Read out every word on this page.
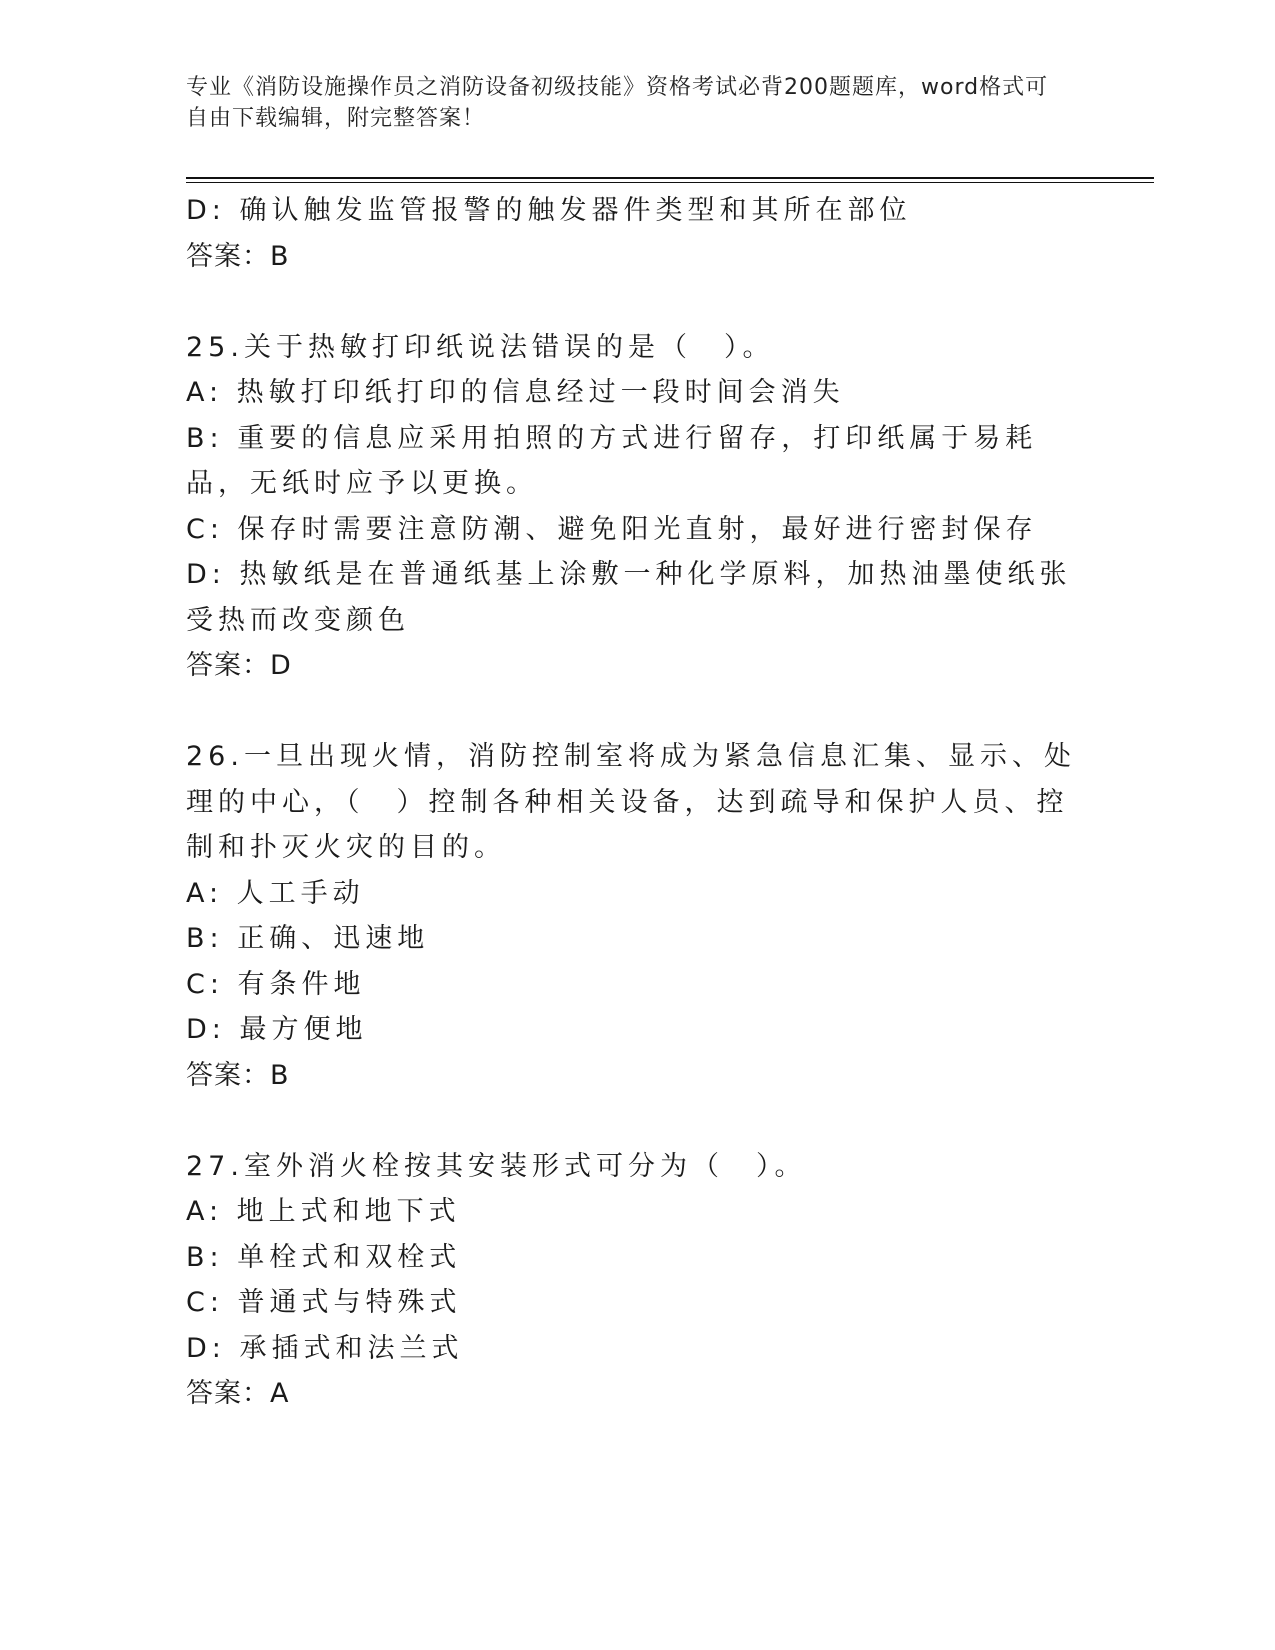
专业《消防设施操作员之消防设备初级技能》资格考试必背200题题库，word格式可自由下载编辑，附完整答案！
D: 确认触发监管报警的触发器件类型和其所在部位
答案：B
25.关于热敏打印纸说法错误的是（　）。
A: 热敏打印纸打印的信息经过一段时间会消失
B: 重要的信息应采用拍照的方式进行留存，打印纸属于易耗品，无纸时应予以更换。
C: 保存时需要注意防潮、避免阳光直射，最好进行密封保存
D: 热敏纸是在普通纸基上涂敷一种化学原料，加热油墨使纸张受热而改变颜色
答案：D
26.一旦出现火情，消防控制室将成为紧急信息汇集、显示、处理的中心，（　）控制各种相关设备，达到疏导和保护人员、控制和扑灭火灾的目的。
A: 人工手动
B: 正确、迅速地
C: 有条件地
D: 最方便地
答案：B
27.室外消火栓按其安装形式可分为（　）。
A: 地上式和地下式
B: 单栓式和双栓式
C: 普通式与特殊式
D: 承插式和法兰式
答案：A
